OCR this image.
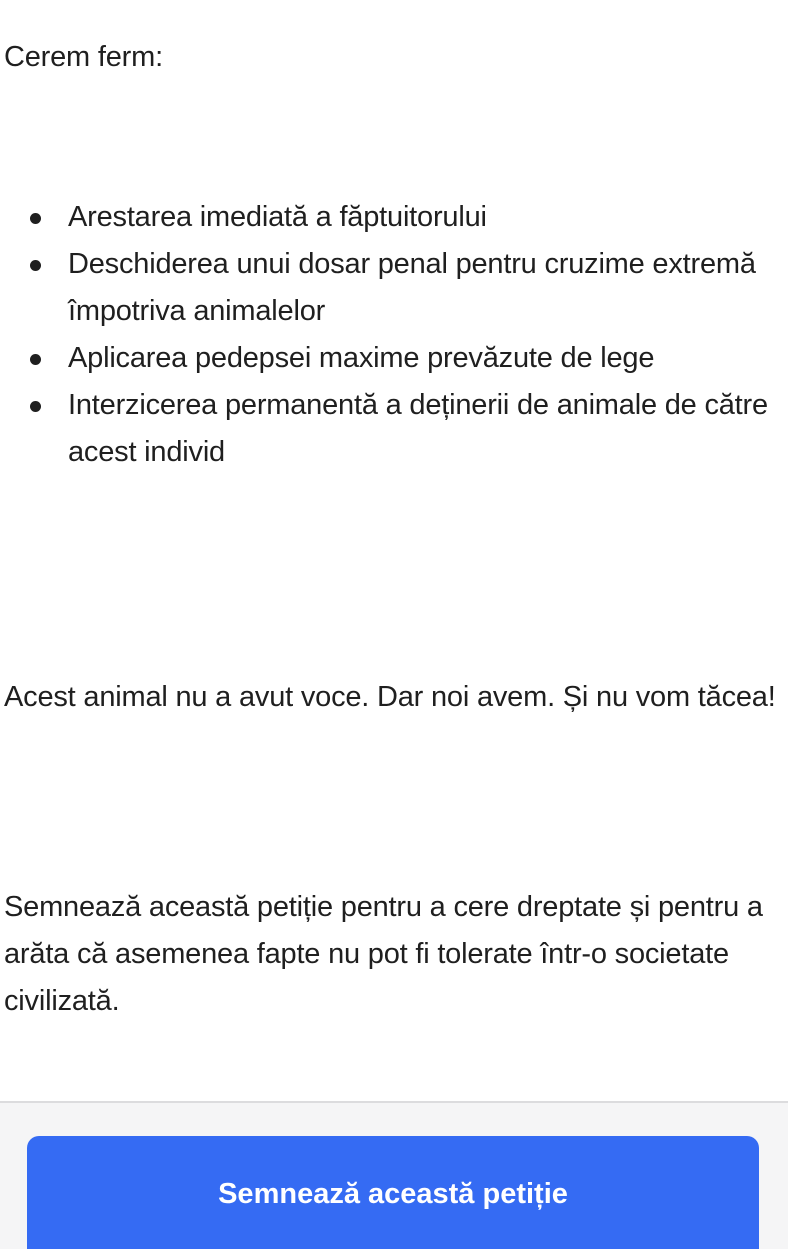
Cerem ferm:

Arestarea imediată a făptuitorului
Deschiderea unui dosar penal pentru cruzime extremă împotriva animalelor
Aplicarea pedepsei maxime prevăzute de lege
Interzicerea permanentă a deținerii de animale de către acest individ

Acest animal nu a avut voce. Dar noi avem. Și nu vom tăcea!

Semnează această petiție pentru a cere dreptate și pentru a arăta că asemenea fapte nu pot fi tolerate într-o societate civilizată.

Semnează această petiție
